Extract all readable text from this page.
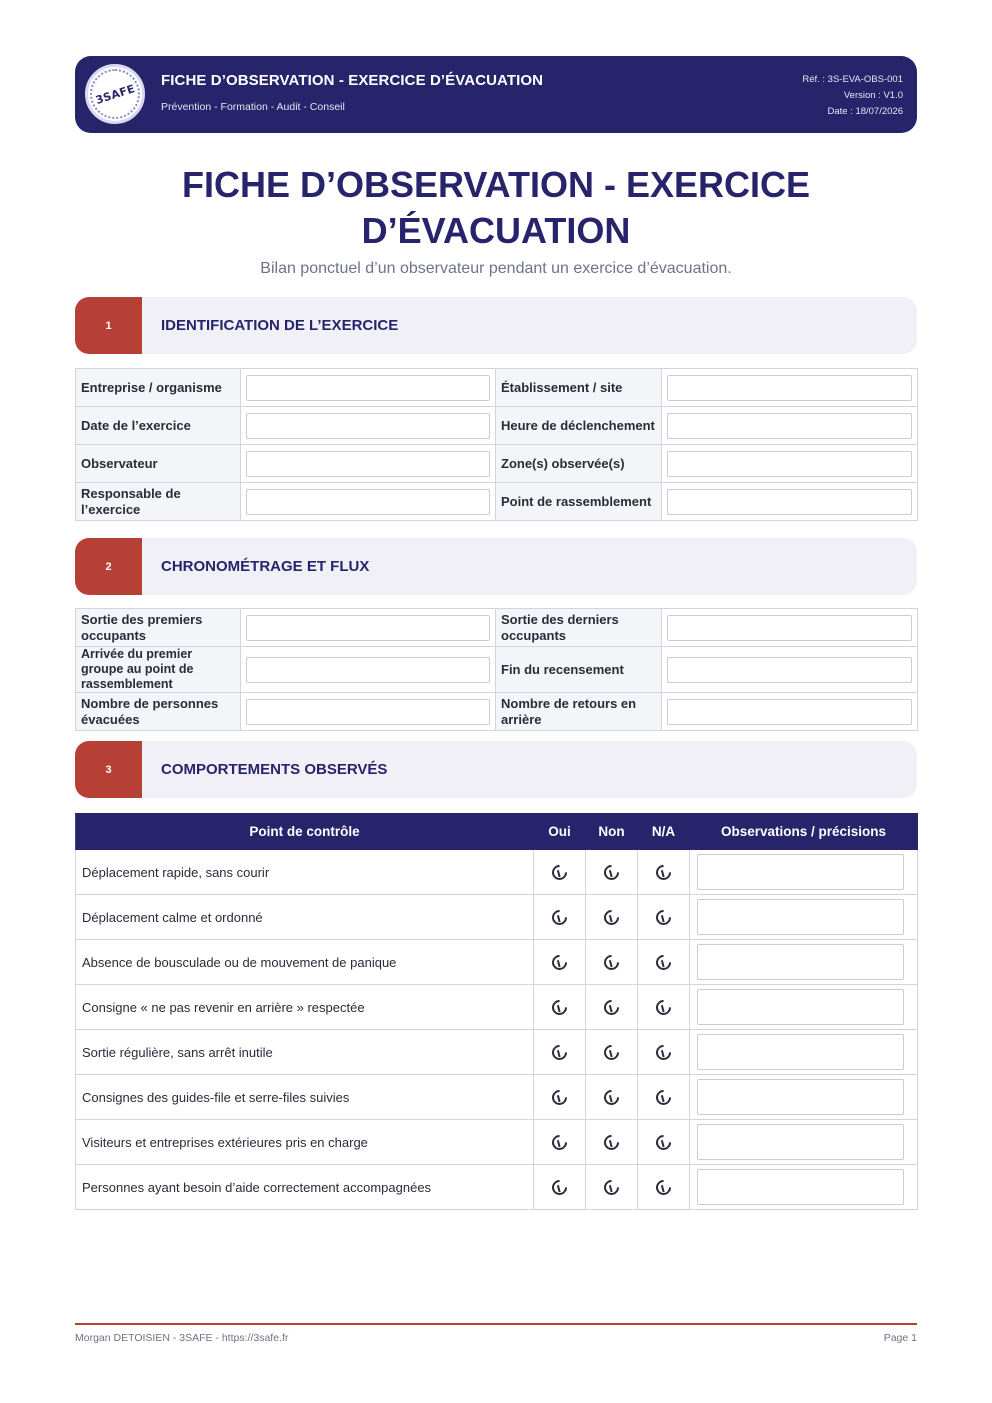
3SAFE
FICHE D’OBSERVATION - EXERCICE D’ÉVACUATION
Prévention - Formation - Audit - Conseil
Réf. : 3S-EVA-OBS-001
Version : V1.0
Date : 18/07/2026
FICHE D’OBSERVATION - EXERCICE
D’ÉVACUATION
Bilan ponctuel d’un observateur pendant un exercice d’évacuation.
1	IDENTIFICATION DE L’EXERCICE
Entreprise / organisme		Établissement / site	

Date de l’exercice		Heure de déclenchement	

Observateur		Zone(s) observée(s)	

Responsable de l’exercice		Point de rassemblement	
2	CHRONOMÉTRAGE ET FLUX
Sortie des premiers occupants		Sortie des derniers occupants	

Arrivée du premier groupe au point de rassemblement		Fin du recensement	

Nombre de personnes évacuées		Nombre de retours en arrière	
3	COMPORTEMENTS OBSERVÉS
Point de contrôle	Oui	Non	N/A	Observations / précisions
Déplacement rapide, sans courir				

Déplacement calme et ordonné				

Absence de bousculade ou de mouvement de panique				

Consigne « ne pas revenir en arrière » respectée				

Sortie régulière, sans arrêt inutile				

Consignes des guides-file et serre-files suivies				

Visiteurs et entreprises extérieures pris en charge				

Personnes ayant besoin d’aide correctement accompagnées				
Morgan DETOISIEN - 3SAFE - https://3safe.fr	Page 1
